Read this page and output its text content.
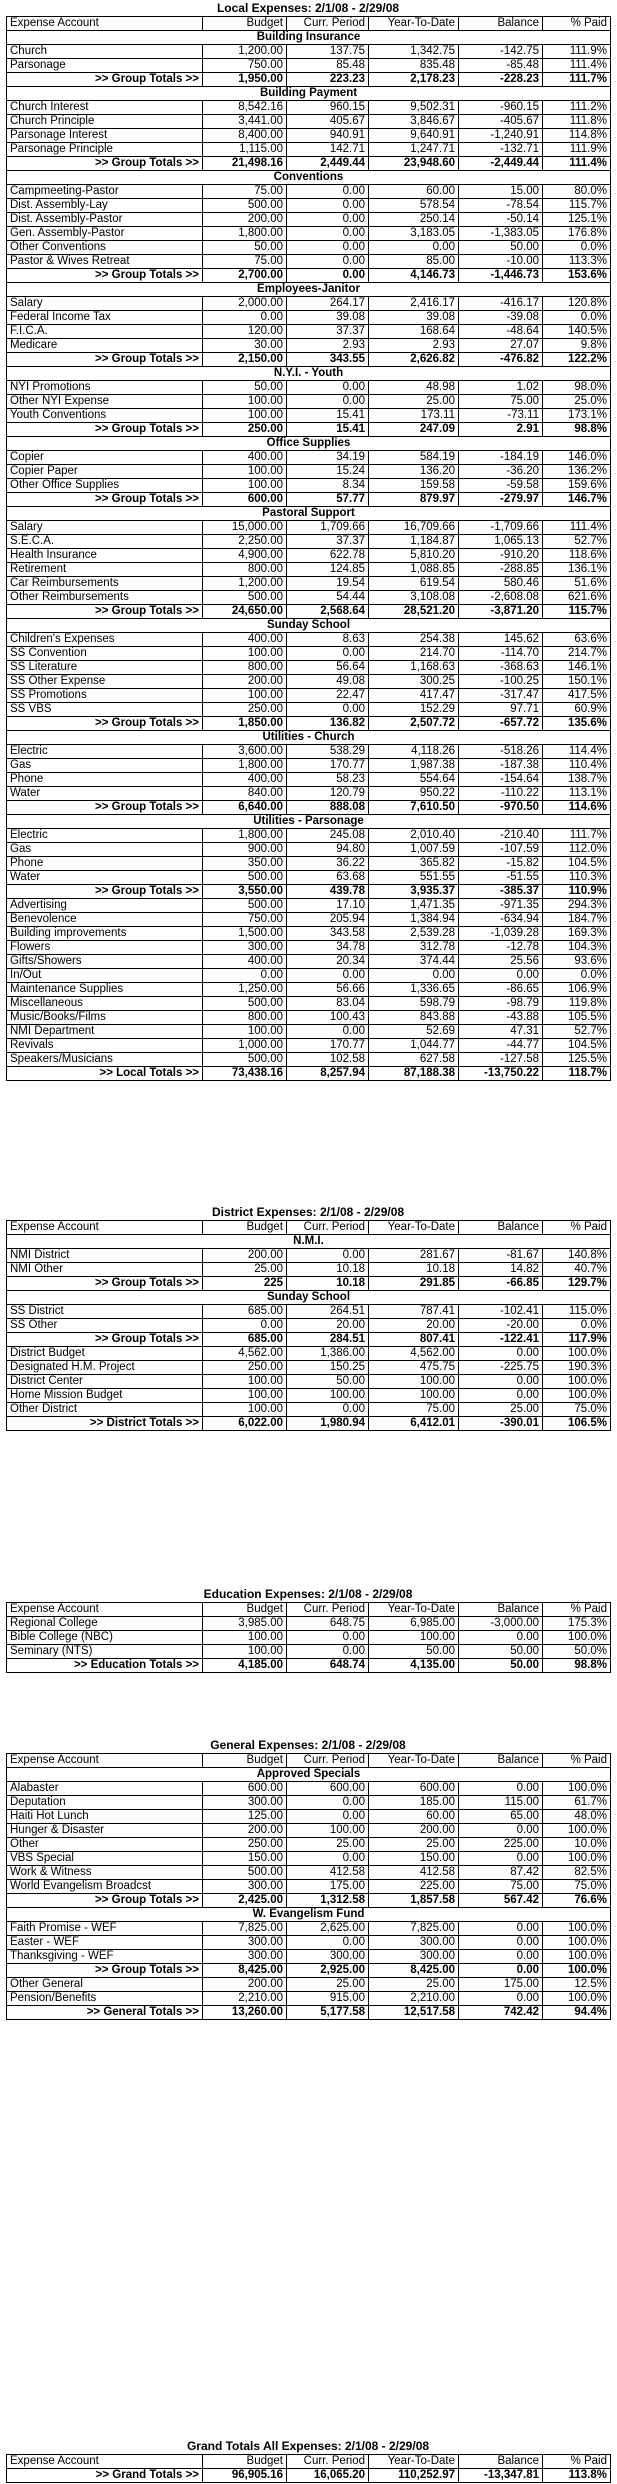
Local Expenses: 2/1/08 - 2/29/08
Expense Account	Budget	Curr. Period	Year-To-Date	Balance	% Paid
Building Insurance					
Church	1,200.00	137.75	1,342.75	-142.75	111.9%
Parsonage	750.00	85.48	835.48	-85.48	111.4%
>> Group Totals >>	1,950.00	223.23	2,178.23	-228.23	111.7%
Building Payment					
Church Interest	8,542.16	960.15	9,502.31	-960.15	111.2%
Church Principle	3,441.00	405.67	3,846.67	-405.67	111.8%
Parsonage Interest	8,400.00	940.91	9,640.91	-1,240.91	114.8%
Parsonage Principle	1,115.00	142.71	1,247.71	-132.71	111.9%
>> Group Totals >>	21,498.16	2,449.44	23,948.60	-2,449.44	111.4%
Conventions					
Campmeeting-Pastor	75.00	0.00	60.00	15.00	80.0%
Dist. Assembly-Lay	500.00	0.00	578.54	-78.54	115.7%
Dist. Assembly-Pastor	200.00	0.00	250.14	-50.14	125.1%
Gen. Assembly-Pastor	1,800.00	0.00	3,183.05	-1,383.05	176.8%
Other Conventions	50.00	0.00	0.00	50.00	0.0%
Pastor & Wives Retreat	75.00	0.00	85.00	-10.00	113.3%
>> Group Totals >>	2,700.00	0.00	4,146.73	-1,446.73	153.6%
Employees-Janitor					
Salary	2,000.00	264.17	2,416.17	-416.17	120.8%
Federal Income Tax	0.00	39.08	39.08	-39.08	0.0%
F.I.C.A.	120.00	37.37	168.64	-48.64	140.5%
Medicare	30.00	2.93	2.93	27.07	9.8%
>> Group Totals >>	2,150.00	343.55	2,626.82	-476.82	122.2%
N.Y.I. - Youth					
NYI Promotions	50.00	0.00	48.98	1.02	98.0%
Other NYI Expense	100.00	0.00	25.00	75.00	25.0%
Youth Conventions	100.00	15.41	173.11	-73.11	173.1%
>> Group Totals >>	250.00	15.41	247.09	2.91	98.8%
Office Supplies					
Copier	400.00	34.19	584.19	-184.19	146.0%
Copier Paper	100.00	15.24	136.20	-36.20	136.2%
Other Office Supplies	100.00	8.34	159.58	-59.58	159.6%
>> Group Totals >>	600.00	57.77	879.97	-279.97	146.7%
Pastoral Support					
Salary	15,000.00	1,709.66	16,709.66	-1,709.66	111.4%
S.E.C.A.	2,250.00	37.37	1,184.87	1,065.13	52.7%
Health Insurance	4,900.00	622.78	5,810.20	-910.20	118.6%
Retirement	800.00	124.85	1,088.85	-288.85	136.1%
Car Reimbursements	1,200.00	19.54	619.54	580.46	51.6%
Other Reimbursements	500.00	54.44	3,108.08	-2,608.08	621.6%
>> Group Totals >>	24,650.00	2,568.64	28,521.20	-3,871.20	115.7%
Sunday School					
Children's Expenses	400.00	8.63	254.38	145.62	63.6%
SS Convention	100.00	0.00	214.70	-114.70	214.7%
SS Literature	800.00	56.64	1,168.63	-368.63	146.1%
SS Other Expense	200.00	49.08	300.25	-100.25	150.1%
SS Promotions	100.00	22.47	417.47	-317.47	417.5%
SS VBS	250.00	0.00	152.29	97.71	60.9%
>> Group Totals >>	1,850.00	136.82	2,507.72	-657.72	135.6%
Utilities - Church					
Electric	3,600.00	538.29	4,118.26	-518.26	114.4%
Gas	1,800.00	170.77	1,987.38	-187.38	110.4%
Phone	400.00	58.23	554.64	-154.64	138.7%
Water	840.00	120.79	950.22	-110.22	113.1%
>> Group Totals >>	6,640.00	888.08	7,610.50	-970.50	114.6%
Utilities - Parsonage					
Electric	1,800.00	245.08	2,010.40	-210.40	111.7%
Gas	900.00	94.80	1,007.59	-107.59	112.0%
Phone	350.00	36.22	365.82	-15.82	104.5%
Water	500.00	63.68	551.55	-51.55	110.3%
>> Group Totals >>	3,550.00	439.78	3,935.37	-385.37	110.9%
Advertising	500.00	17.10	1,471.35	-971.35	294.3%
Benevolence	750.00	205.94	1,384.94	-634.94	184.7%
Building improvements	1,500.00	343.58	2,539.28	-1,039.28	169.3%
Flowers	300.00	34.78	312.78	-12.78	104.3%
Gifts/Showers	400.00	20.34	374.44	25.56	93.6%
In/Out	0.00	0.00	0.00	0.00	0.0%
Maintenance Supplies	1,250.00	56.66	1,336.65	-86.65	106.9%
Miscellaneous	500.00	83.04	598.79	-98.79	119.8%
Music/Books/Films	800.00	100.43	843.88	-43.88	105.5%
NMI Department	100.00	0.00	52.69	47.31	52.7%
Revivals	1,000.00	170.77	1,044.77	-44.77	104.5%
Speakers/Musicians	500.00	102.58	627.58	-127.58	125.5%
>> Local Totals >>	73,438.16	8,257.94	87,188.38	-13,750.22	118.7%
District Expenses: 2/1/08 - 2/29/08
Expense Account	Budget	Curr. Period	Year-To-Date	Balance	% Paid
N.M.I.					
NMI District	200.00	0.00	281.67	-81.67	140.8%
NMI Other	25.00	10.18	10.18	14.82	40.7%
>> Group Totals >>	225	10.18	291.85	-66.85	129.7%
Sunday School					
SS District	685.00	264.51	787.41	-102.41	115.0%
SS Other	0.00	20.00	20.00	-20.00	0.0%
>> Group Totals >>	685.00	284.51	807.41	-122.41	117.9%
District Budget	4,562.00	1,386.00	4,562.00	0.00	100.0%
Designated H.M. Project	250.00	150.25	475.75	-225.75	190.3%
District Center	100.00	50.00	100.00	0.00	100.0%
Home Mission Budget	100.00	100.00	100.00	0.00	100.0%
Other District	100.00	0.00	75.00	25.00	75.0%
>> District Totals >>	6,022.00	1,980.94	6,412.01	-390.01	106.5%
Education Expenses: 2/1/08 - 2/29/08
Expense Account	Budget	Curr. Period	Year-To-Date	Balance	% Paid
Regional College	3,985.00	648.75	6,985.00	-3,000.00	175.3%
Bible College (NBC)	100.00	0.00	100.00	0.00	100.0%
Seminary (NTS)	100.00	0.00	50.00	50.00	50.0%
>> Education Totals >>	4,185.00	648.74	4,135.00	50.00	98.8%
General Expenses: 2/1/08 - 2/29/08
Expense Account	Budget	Curr. Period	Year-To-Date	Balance	% Paid
Approved Specials					
Alabaster	600.00	600.00	600.00	0.00	100.0%
Deputation	300.00	0.00	185.00	115.00	61.7%
Haiti Hot Lunch	125.00	0.00	60.00	65.00	48.0%
Hunger & Disaster	200.00	100.00	200.00	0.00	100.0%
Other	250.00	25.00	25.00	225.00	10.0%
VBS Special	150.00	0.00	150.00	0.00	100.0%
Work & Witness	500.00	412.58	412.58	87.42	82.5%
World Evangelism Broadcst	300.00	175.00	225.00	75.00	75.0%
>> Group Totals >>	2,425.00	1,312.58	1,857.58	567.42	76.6%
W. Evangelism Fund					
Faith Promise - WEF	7,825.00	2,625.00	7,825.00	0.00	100.0%
Easter - WEF	300.00	0.00	300.00	0.00	100.0%
Thanksgiving - WEF	300.00	300.00	300.00	0.00	100.0%
>> Group Totals >>	8,425.00	2,925.00	8,425.00	0.00	100.0%
Other General	200.00	25.00	25.00	175.00	12.5%
Pension/Benefits	2,210.00	915.00	2,210.00	0.00	100.0%
>> General Totals >>	13,260.00	5,177.58	12,517.58	742.42	94.4%
Grand Totals All Expenses: 2/1/08 - 2/29/08
Expense Account	Budget	Curr. Period	Year-To-Date	Balance	% Paid
>> Grand Totals >>	96,905.16	16,065.20	110,252.97	-13,347.81	113.8%
